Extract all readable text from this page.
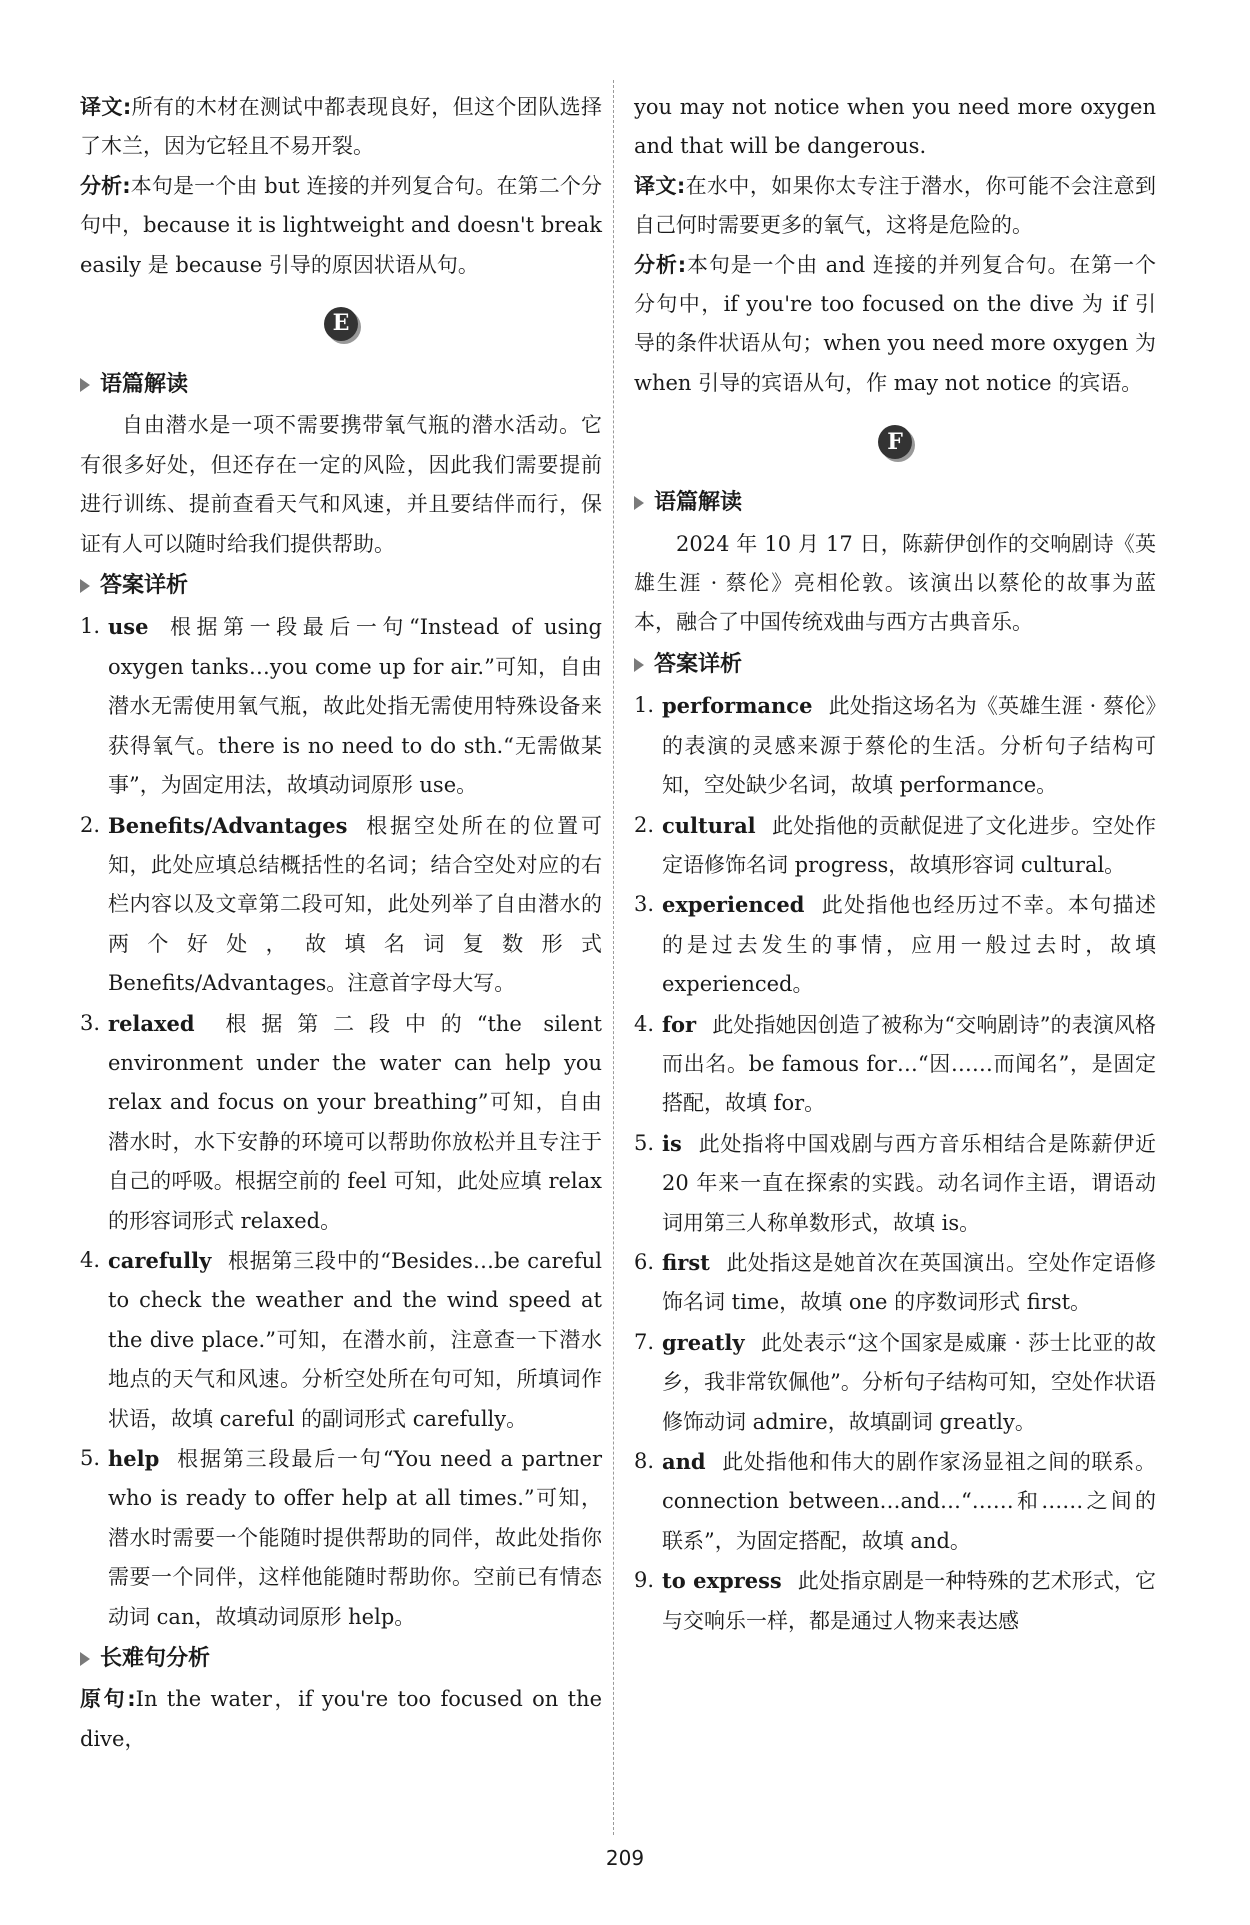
译文:所有的木材在测试中都表现良好，但这个团队选择了木兰，因为它轻且不易开裂。

分析:本句是一个由 but 连接的并列复合句。在第二个分句中，because it is lightweight and doesn't break easily 是 because 引导的原因状语从句。

E
语篇解读

自由潜水是一项不需要携带氧气瓶的潜水活动。它有很多好处，但还存在一定的风险，因此我们需要提前进行训练、提前查看天气和风速，并且要结伴而行，保证有人可以随时给我们提供帮助。

答案详析
1. use 根据第一段最后一句“Instead of using oxygen tanks…you come up for air.”可知，自由潜水无需使用氧气瓶，故此处指无需使用特殊设备来获得氧气。there is no need to do sth.“无需做某事”，为固定用法，故填动词原形 use。
2. Benefits/Advantages 根据空处所在的位置可知，此处应填总结概括性的名词；结合空处对应的右栏内容以及文章第二段可知，此处列举了自由潜水的两个好处，故填名词复数形式 Benefits/Advantages。注意首字母大写。
3. relaxed 根据第二段中的“the silent environment under the water can help you relax and focus on your breathing”可知，自由潜水时，水下安静的环境可以帮助你放松并且专注于自己的呼吸。根据空前的 feel 可知，此处应填 relax 的形容词形式 relaxed。
4. carefully 根据第三段中的“Besides…be careful to check the weather and the wind speed at the dive place.”可知，在潜水前，注意查一下潜水地点的天气和风速。分析空处所在句可知，所填词作状语，故填 careful 的副词形式 carefully。
5. help 根据第三段最后一句“You need a partner who is ready to offer help at all times.”可知，潜水时需要一个能随时提供帮助的同伴，故此处指你需要一个同伴，这样他能随时帮助你。空前已有情态动词 can，故填动词原形 help。
长难句分析

原句:In the water，if you're too focused on the dive，

you may not notice when you need more oxygen and that will be dangerous.

译文:在水中，如果你太专注于潜水，你可能不会注意到自己何时需要更多的氧气，这将是危险的。

分析:本句是一个由 and 连接的并列复合句。在第一个分句中，if you're too focused on the dive 为 if 引导的条件状语从句；when you need more oxygen 为 when 引导的宾语从句，作 may not notice 的宾语。

F
语篇解读

2024 年 10 月 17 日，陈薪伊创作的交响剧诗《英雄生涯 · 蔡伦》亮相伦敦。该演出以蔡伦的故事为蓝本，融合了中国传统戏曲与西方古典音乐。

答案详析
1. performance 此处指这场名为《英雄生涯 · 蔡伦》的表演的灵感来源于蔡伦的生活。分析句子结构可知，空处缺少名词，故填 performance。
2. cultural 此处指他的贡献促进了文化进步。空处作定语修饰名词 progress，故填形容词 cultural。
3. experienced 此处指他也经历过不幸。本句描述的是过去发生的事情，应用一般过去时，故填 experienced。
4. for 此处指她因创造了被称为“交响剧诗”的表演风格而出名。be famous for…“因……而闻名”，是固定搭配，故填 for。
5. is 此处指将中国戏剧与西方音乐相结合是陈薪伊近 20 年来一直在探索的实践。动名词作主语，谓语动词用第三人称单数形式，故填 is。
6. first 此处指这是她首次在英国演出。空处作定语修饰名词 time，故填 one 的序数词形式 first。
7. greatly 此处表示“这个国家是威廉 · 莎士比亚的故乡，我非常钦佩他”。分析句子结构可知，空处作状语修饰动词 admire，故填副词 greatly。
8. and 此处指他和伟大的剧作家汤显祖之间的联系。connection between…and…“……和……之间的联系”，为固定搭配，故填 and。
9. to express 此处指京剧是一种特殊的艺术形式，它与交响乐一样，都是通过人物来表达感
209
